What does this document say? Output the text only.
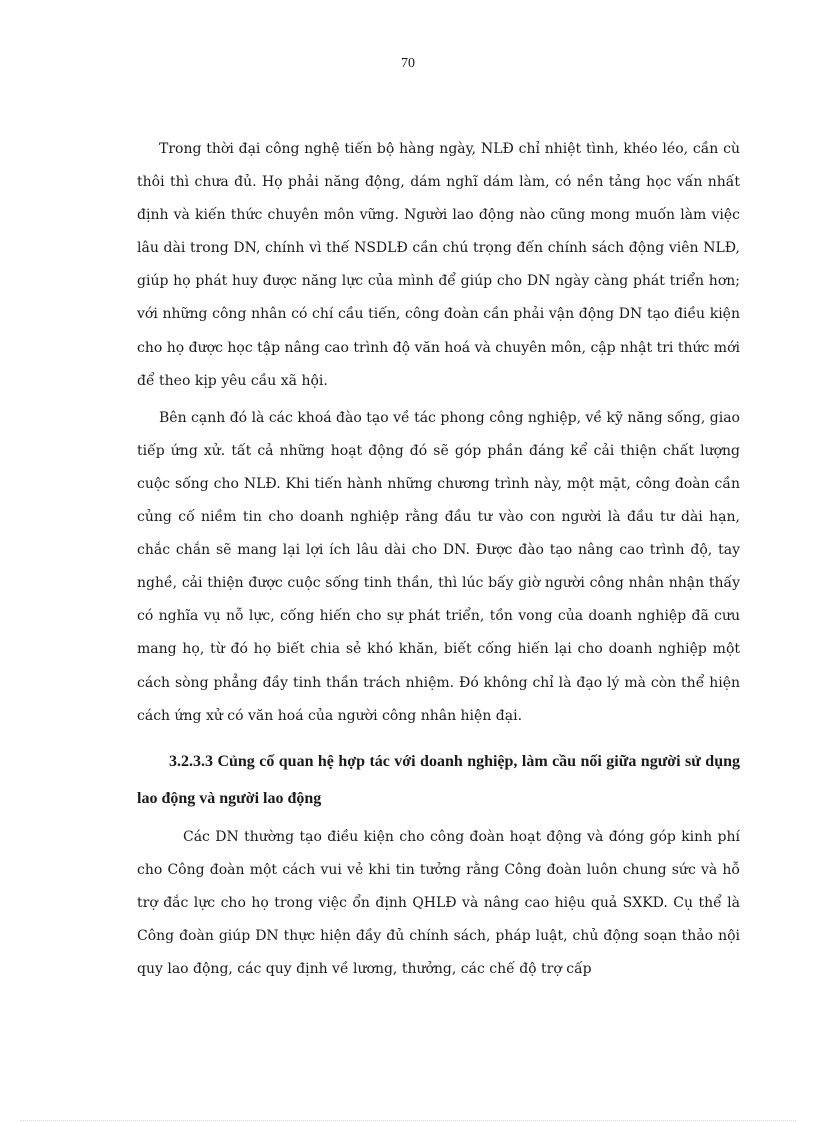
70

Trong thời đại công nghệ tiến bộ hàng ngày, NLĐ chỉ nhiệt tình, khéo léo, cần cù thôi thì chưa đủ. Họ phải năng động, dám nghĩ dám làm, có nền tảng học vấn nhất định và kiến thức chuyên môn vững. Người lao động nào cũng mong muốn làm việc lâu dài trong DN, chính vì thế NSDLĐ cần chú trọng đến chính sách động viên NLĐ, giúp họ phát huy được năng lực của mình để giúp cho DN ngày càng phát triển hơn; với những công nhân có chí cầu tiến, công đoàn cần phải vận động DN tạo điều kiện cho họ được học tập nâng cao trình độ văn hoá và chuyên môn, cập nhật tri thức mới để theo kịp yêu cầu xã hội.

Bên cạnh đó là các khoá đào tạo về tác phong công nghiệp, về kỹ năng sống, giao tiếp ứng xử. tất cả những hoạt động đó sẽ góp phần đáng kể cải thiện chất lượng cuộc sống cho NLĐ. Khi tiến hành những chương trình này, một mặt, công đoàn cần củng cố niềm tin cho doanh nghiệp rằng đầu tư vào con người là đầu tư dài hạn, chắc chắn sẽ mang lại lợi ích lâu dài cho DN. Được đào tạo nâng cao trình độ, tay nghề, cải thiện được cuộc sống tinh thần, thì lúc bấy giờ người công nhân nhận thấy có nghĩa vụ nỗ lực, cống hiến cho sự phát triển, tồn vong của doanh nghiệp đã cưu mang họ, từ đó họ biết chia sẻ khó khăn, biết cống hiến lại cho doanh nghiệp một cách sòng phẳng đầy tinh thần trách nhiệm. Đó không chỉ là đạo lý mà còn thể hiện cách ứng xử có văn hoá của người công nhân hiện đại.

3.2.3.3 Củng cố quan hệ hợp tác với doanh nghiệp, làm cầu nối giữa người sử dụng lao động và người lao động

Các DN thường tạo điều kiện cho công đoàn hoạt động và đóng góp kinh phí cho Công đoàn một cách vui vẻ khi tin tưởng rằng Công đoàn luôn chung sức và hỗ trợ đắc lực cho họ trong việc ổn định QHLĐ và nâng cao hiệu quả SXKD. Cụ thể là Công đoàn giúp DN thực hiện đầy đủ chính sách, pháp luật, chủ động soạn thảo nội quy lao động, các quy định về lương, thưởng, các chế độ trợ cấp
